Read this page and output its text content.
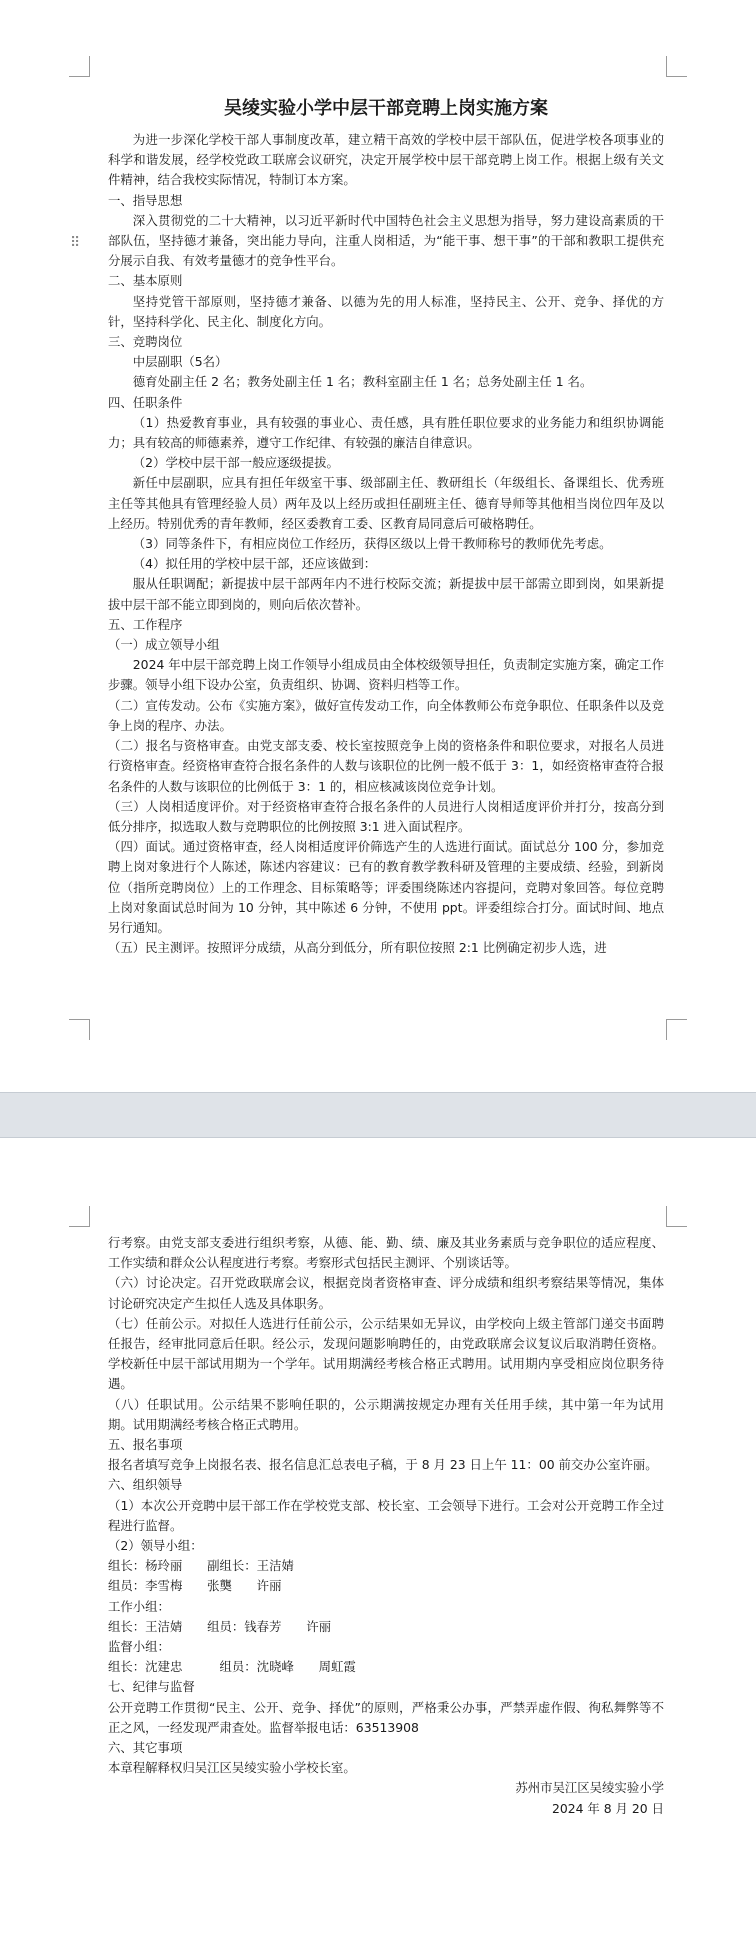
⠿
吴绫实验小学中层干部竞聘上岗实施方案

为进一步深化学校干部人事制度改革，建立精干高效的学校中层干部队伍，促进学校各项事业的科学和谐发展，经学校党政工联席会议研究，决定开展学校中层干部竞聘上岗工作。根据上级有关文件精神，结合我校实际情况，特制订本方案。

一、指导思想

深入贯彻党的二十大精神，以习近平新时代中国特色社会主义思想为指导，努力建设高素质的干部队伍，坚持德才兼备，突出能力导向，注重人岗相适，为“能干事、想干事”的干部和教职工提供充分展示自我、有效考量德才的竞争性平台。

二、基本原则

坚持党管干部原则，坚持德才兼备、以德为先的用人标准，坚持民主、公开、竞争、择优的方针，坚持科学化、民主化、制度化方向。

三、竞聘岗位

中层副职（5名）

德育处副主任 2 名；教务处副主任 1 名；教科室副主任 1 名；总务处副主任 1 名。

四、任职条件

（1）热爱教育事业，具有较强的事业心、责任感，具有胜任职位要求的业务能力和组织协调能力；具有较高的师德素养，遵守工作纪律、有较强的廉洁自律意识。

（2）学校中层干部一般应逐级提拔。

新任中层副职，应具有担任年级室干事、级部副主任、教研组长（年级组长、备课组长、优秀班主任等其他具有管理经验人员）两年及以上经历或担任副班主任、德育导师等其他相当岗位四年及以上经历。特别优秀的青年教师，经区委教育工委、区教育局同意后可破格聘任。

（3）同等条件下，有相应岗位工作经历，获得区级以上骨干教师称号的教师优先考虑。

（4）拟任用的学校中层干部，还应该做到：

服从任职调配；新提拔中层干部两年内不进行校际交流；新提拔中层干部需立即到岗，如果新提拔中层干部不能立即到岗的，则向后依次替补。

五、工作程序

（一）成立领导小组

2024 年中层干部竞聘上岗工作领导小组成员由全体校级领导担任，负责制定实施方案，确定工作步骤。领导小组下设办公室，负责组织、协调、资料归档等工作。

（二）宣传发动。公布《实施方案》，做好宣传发动工作，向全体教师公布竞争职位、任职条件以及竞争上岗的程序、办法。

（二）报名与资格审查。由党支部支委、校长室按照竞争上岗的资格条件和职位要求，对报名人员进行资格审查。经资格审查符合报名条件的人数与该职位的比例一般不低于 3：1，如经资格审查符合报名条件的人数与该职位的比例低于 3：1 的，相应核减该岗位竞争计划。

（三）人岗相适度评价。对于经资格审查符合报名条件的人员进行人岗相适度评价并打分，按高分到低分排序，拟选取人数与竞聘职位的比例按照 3:1 进入面试程序。

（四）面试。通过资格审查，经人岗相适度评价筛选产生的人选进行面试。面试总分 100 分，参加竞聘上岗对象进行个人陈述，陈述内容建议：已有的教育教学教科研及管理的主要成绩、经验，到新岗位（指所竞聘岗位）上的工作理念、目标策略等；评委围绕陈述内容提问，竞聘对象回答。每位竞聘上岗对象面试总时间为 10 分钟，其中陈述 6 分钟，不使用 ppt。评委组综合打分。面试时间、地点另行通知。

（五）民主测评。按照评分成绩，从高分到低分，所有职位按照 2:1 比例确定初步人选，进

行考察。由党支部支委进行组织考察，从德、能、勤、绩、廉及其业务素质与竞争职位的适应程度、工作实绩和群众公认程度进行考察。考察形式包括民主测评、个别谈话等。

（六）讨论决定。召开党政联席会议，根据竞岗者资格审查、评分成绩和组织考察结果等情况，集体讨论研究决定产生拟任人选及具体职务。

（七）任前公示。对拟任人选进行任前公示，公示结果如无异议，由学校向上级主管部门递交书面聘任报告，经审批同意后任职。经公示，发现问题影响聘任的，由党政联席会议复议后取消聘任资格。学校新任中层干部试用期为一个学年。试用期满经考核合格正式聘用。试用期内享受相应岗位职务待遇。

（八）任职试用。公示结果不影响任职的，公示期满按规定办理有关任用手续，其中第一年为试用期。试用期满经考核合格正式聘用。

五、报名事项

报名者填写竞争上岗报名表、报名信息汇总表电子稿，于 8 月 23 日上午 11：00 前交办公室许丽。

六、组织领导

（1）本次公开竞聘中层干部工作在学校党支部、校长室、工会领导下进行。工会对公开竞聘工作全过程进行监督。

（2）领导小组：

组长：杨玲丽　　副组长：王洁婧

组员：李雪梅　　张龑　　许丽

工作小组：

组长：王洁婧　　组员：钱春芳　　许丽

监督小组：

组长：沈建忠　　　组员：沈晓峰　　周虹霞

七、纪律与监督

公开竞聘工作贯彻“民主、公开、竞争、择优”的原则，严格秉公办事，严禁弄虚作假、徇私舞弊等不正之风，一经发现严肃查处。监督举报电话：63513908

六、其它事项

本章程解释权归吴江区吴绫实验小学校长室。

苏州市吴江区吴绫实验小学

2024 年 8 月 20 日
